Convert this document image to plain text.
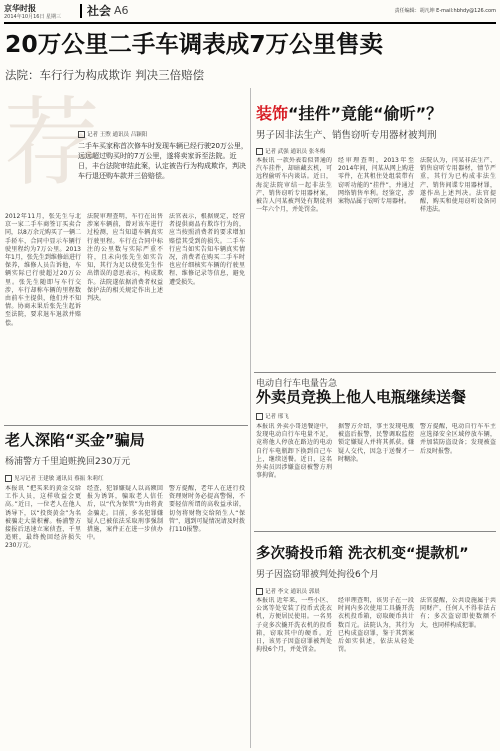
京华时报
2014年10月16日 星期三	社会 A6	责任编辑：胡凡坤 E-mail:hbhdy@126.com
20万公里二手车调表成7万公里售卖
法院：车行行为构成欺诈 判决三倍赔偿
荐
记者 王煦 通讯员 吕颖阳
二手车买家称首次修车时发现车辆已经行驶20万公里，远远超过购买时的7万公里，遂将卖家诉至法院。近日，丰台法院审结此案，认定被告行为构成欺诈，判决车行退还购车款并三倍赔偿。
2012年11月，张先生与北京一家二手车商签订买卖合同，以8万余元购买了一辆二手轿车，合同中显示车辆行驶里程约为7万公里。2013年1月，张先生到维修站进行保养，维修人员告诉他，车辆实际已行驶超过20万公里。张先生随即与车行交涉，车行却称车辆的里程数由前车主提供，他们并不知情。协商未果后张先生起诉至法院，要求退车退款并赔偿。
法院审理查明，车行在出售涉案车辆前，曾对该车进行过检测，应当知道车辆真实行驶里程。车行在合同中标注的公里数与实际严重不符，且未向张先生如实告知，其行为足以使张先生作出错误的意思表示，构成欺诈。法院遂依据消费者权益保护法的相关规定作出上述判决。
法官表示，根据规定，经营者提供商品有欺诈行为的，应当按照消费者的要求增加赔偿其受到的损失。二手车行应当如实告知车辆真实情况，消费者在购买二手车时也应仔细核实车辆的行驶里程、维修记录等信息，避免遭受损失。
装饰“挂件”竟能“偷听”？
男子因非法生产、销售窃听专用器材被判刑
记者 武强 通讯员 张冬梅
本报讯 一款外表看似普通的汽车挂件，却暗藏玄机，可远程偷听车内谈话。近日，海淀法院审结一起非法生产、销售窃听专用器材案，被告人闫某被判处有期徒刑一年六个月，并处罚金。
经审理查明，2013年至2014年间，闫某从网上购进零件，在其租住处组装带有窃听功能的“挂件”，并通过网络销售牟利。经鉴定，涉案物品属于窃听专用器材。
法院认为，闫某非法生产、销售窃听专用器材，情节严重，其行为已构成非法生产、销售间谍专用器材罪，遂作出上述判决。法官提醒，购买和使用窃听设备同样违法。
电动自行车电量告急
外卖员竞换上他人电瓶继续送餐
记者 邢飞
本报讯 外卖小哥送餐途中，发现电动自行车电量不足，竟将他人停放在路边的电动自行车电瓶卸下换到自己车上，继续送餐。近日，这名外卖员因涉嫌盗窃被警方刑事拘留。
据警方介绍，事主发现电瓶被盗后报警，民警调取监控锁定嫌疑人并将其抓获。嫌疑人交代，因急于送餐才一时糊涂。
警方提醒，电动自行车车主应选择安全区域停放车辆，并加装防盗设备；发现被盗后及时报警。
老人深陷“买金”骗局
杨浦警方千里追赃挽回230万元
见习记者 王建敏 通讯员 蔡振 朱莉红
本报讯 “把买来的黄金交给工作人员，这样收益会更高。”近日，一位老人在他人诱导下，以“投资黄金”为名被骗走大量积蓄。杨浦警方接报后迅速立案侦查，千里追赃，最终挽回经济损失230万元。
经查，犯罪嫌疑人以高额回报为诱饵，骗取老人信任后，以“代为保管”为由将黄金骗走。目前，多名犯罪嫌疑人已被依法采取刑事强制措施，案件正在进一步侦办中。
警方提醒，老年人在进行投资理财时务必提高警惕，不要轻信所谓的高收益承诺，切勿将财物交给陌生人“保管”，遇到可疑情况请及时拨打110报警。
多次骑投币箱 洗衣机变“提款机”
男子因盗窃罪被判处拘役6个月
记者 李文 通讯员 郭晨
本报讯 近年来，一些小区、公寓等处安装了投币式洗衣机，方便居民使用。一名男子竟多次撬开洗衣机的投币箱，窃取其中的硬币。近日，该男子因盗窃罪被判处拘役6个月，并处罚金。
经审理查明，该男子在一段时间内多次使用工具撬开洗衣机投币箱，窃取硬币共计数百元。法院认为，其行为已构成盗窃罪，鉴于其到案后如实供述，依法从轻处罚。
法官提醒，公共设施属于共同财产，任何人不得非法占有；多次盗窃即使数额不大，也同样构成犯罪。
